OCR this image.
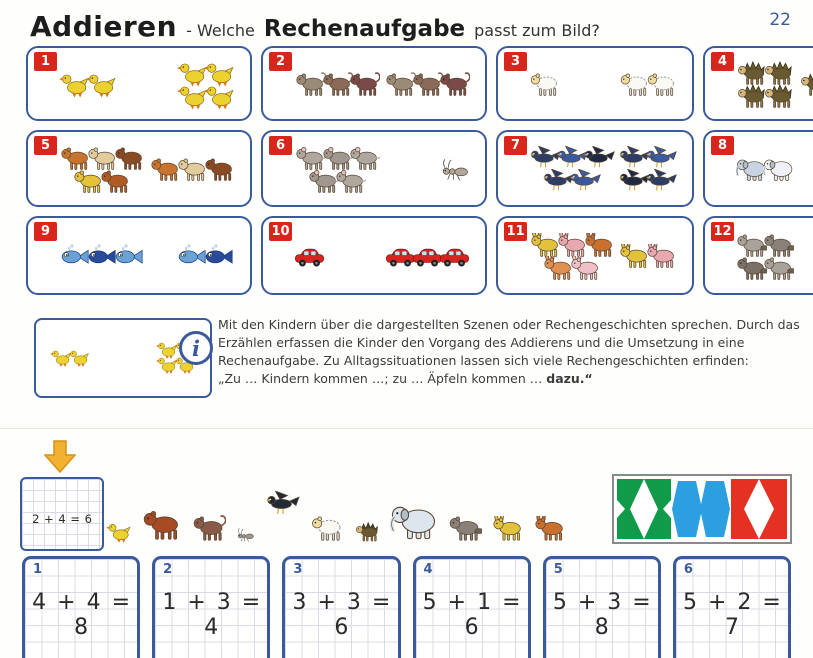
Addieren - Welche Rechenaufgabe passt zum Bild?
22
1	2	3	4
5	6	7	8
9	10	11	12
i
Mit den Kindern über die dargestellten Szenen oder Rechengeschichten sprechen. Durch das
Erzählen erfassen die Kinder den Vorgang des Addierens und die Umsetzung in eine
Rechenaufgabe. Zu Alltagssituationen lassen sich viele Rechengeschichten erfinden:
„Zu … Kindern kommen …; zu … Äpfeln kommen … dazu.“
2 + 4 = 6
1
4 + 4 = 8
2
1 + 3 = 4
3
3 + 3 = 6
4
5 + 1 = 6
5
5 + 3 = 8
6
5 + 2 = 7
